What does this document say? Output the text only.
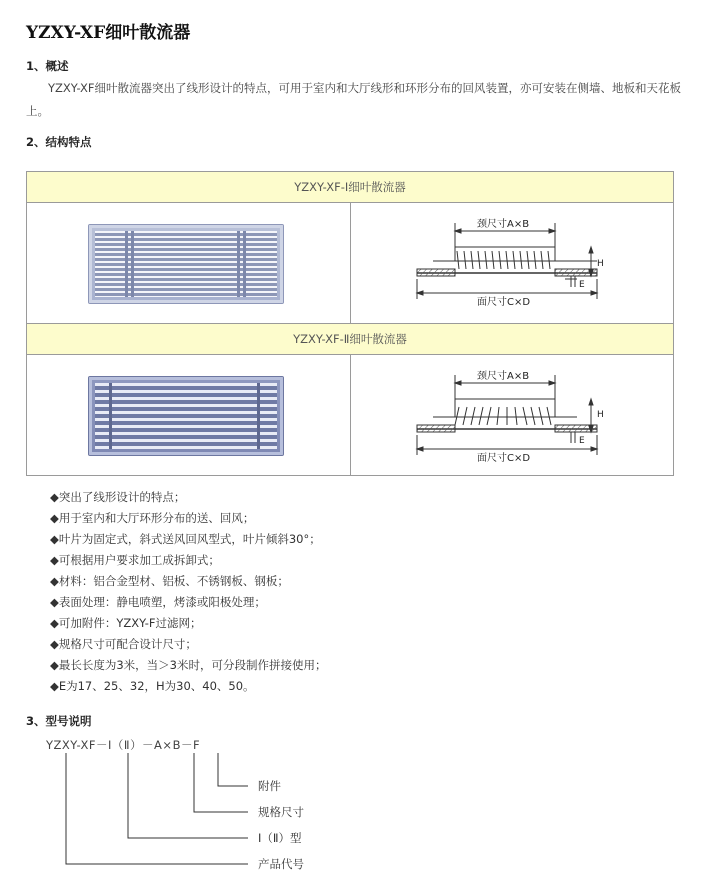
YZXY-XF细叶散流器
1、概述
YZXY-XF细叶散流器突出了线形设计的特点，可用于室内和大厅线形和环形分布的回风装置，亦可安装在侧墙、地板和天花板上。
2、结构特点
YZXY-XF-Ⅰ细叶散流器	

颈尺寸A×B
面尺寸C×D
H
E

YZXY-XF-Ⅱ细叶散流器	

颈尺寸A×B
面尺寸C×D
H
E
◆突出了线形设计的特点；
◆用于室内和大厅环形分布的送、回风；
◆叶片为固定式，斜式送风回风型式，叶片倾斜30°；
◆可根据用户要求加工成拆卸式；
◆材料：铝合金型材、铝板、不锈钢板、钢板；
◆表面处理：静电喷塑，烤漆或阳极处理；
◆可加附件：YZXY-F过滤网；
◆规格尺寸可配合设计尺寸；
◆最长长度为3米，当＞3米时，可分段制作拼接使用；
◆E为17、25、32，H为30、40、50。
3、型号说明
YZXY-XF－Ⅰ（Ⅱ）－A×B－F
附件
规格尺寸
Ⅰ（Ⅱ）型
产品代号
